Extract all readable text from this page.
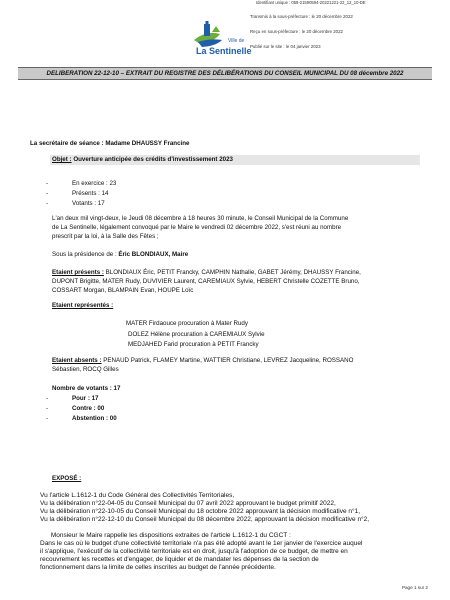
Identifiant unique : 059-21590594-20221221-22_12_10-DE
Transmis à la sous-préfecture : le 20 décembre 2022
Reçu en sous-préfecture : le 20 décembre 2022
Publié sur le site : le 04 janvier 2023
Ville de
La Sentinelle
DELIBERATION 22-12-10 – EXTRAIT DU REGISTRE DES DÉLIBÉRATIONS DU CONSEIL MUNICIPAL DU 08 décembre 2022
La secrétaire de séance : Madame DHAUSSY Francine
Objet : Ouverture anticipée des crédits d'investissement 2023
-	En exercice : 23
-	Présents : 14
-	Votants : 17
L'an deux mil vingt-deux, le Jeudi 08 décembre à 18 heures 30 minute, le Conseil Municipal de la Commune
de La Sentinelle, légalement convoqué par le Maire le vendredi 02 décembre 2022, s'est réuni au nombre
prescrit par la loi, à la Salle des Fêtes ;
Sous la présidence de : Éric BLONDIAUX, Maire
Etaient présents : BLONDIAUX Éric, PETIT Francky, CAMPHIN Nathalie, GABET Jérémy, DHAUSSY Francine,
DUPONT Brigitte, MATER Rudy, DUVIVIER Laurent, CAREMIAUX Sylvie, HEBERT Christelle COZETTE Bruno,
COSSART Morgan, BLAMPAIN Evan, HOUPE Loïc
Etaient représentés :
MATER Firdaouce procuration à Mater Rudy
DOLEZ Hélène procuration à CAREMIAUX Sylvie
MEDJAHED Farid procuration à PETIT Francky
Etaient absents : PENAUD Patrick, FLAMEY Martine, WATTIER Christiane, LEVREZ Jacqueline, ROSSANO
Sébastien, ROCQ Gilles
Nombre de votants : 17
-	Pour : 17
-	Contre : 00
-	Abstention : 00
EXPOSÉ :
Vu l'article L.1612-1 du Code Général des Collectivités Territoriales,
Vu la délibération n°22-04-05 du Conseil Municipal du 07 avril 2022 approuvant le budget primitif 2022,
Vu la délibération n°22-10-05 du Conseil Municipal du 18 octobre 2022 approuvant la décision modificative n°1,
Vu la délibération n°22-12-10 du Conseil Municipal du 08 décembre 2022, approuvant la décision modificative n°2,
Monsieur le Maire rappelle les dispositions extraites de l'article L.1612-1 du CGCT :
Dans le cas où le budget d'une collectivité territoriale n'a pas été adopté avant le 1er janvier de l'exercice auquel
il s'applique, l'exécutif de la collectivité territoriale est en droit, jusqu'à l'adoption de ce budget, de mettre en
recouvrement les recettes et d'engager, de liquider et de mandater les dépenses de la section de
fonctionnement dans la limite de celles inscrites au budget de l'année précédente.
Page 1 sur 2
